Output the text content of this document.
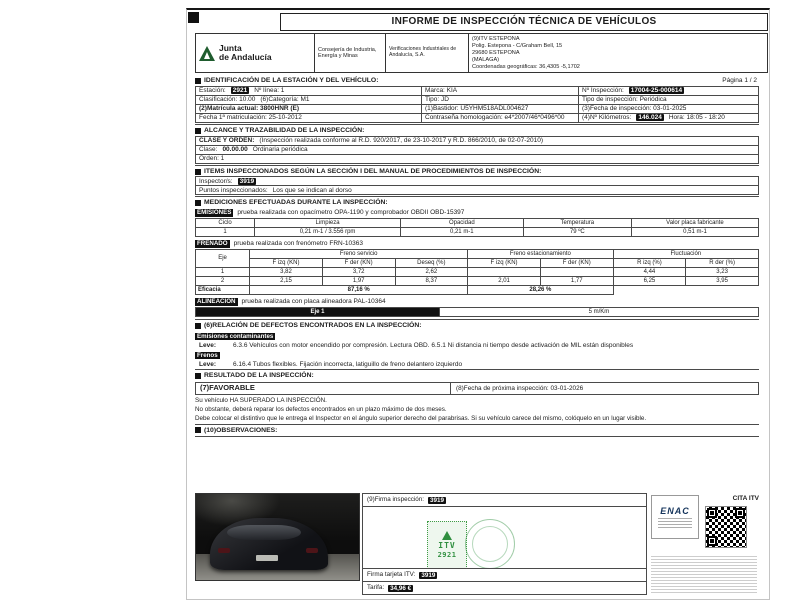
INFORME DE INSPECCIÓN TÉCNICA DE VEHÍCULOS
Junta
de Andalucía
Consejería de Industria, Energía y Minas
Verificaciones Industriales de Andalucía, S.A.
(9)ITV ESTEPONA
Polig. Estepona - C/Graham Bell, 15
29680 ESTEPONA
(MALAGA)
Coordenadas geográficas: 36,4305 -5,1702
IDENTIFICACIÓN DE LA ESTACIÓN Y DEL VEHÍCULO:	Página 1 / 2
Estación:	2921	Nº línea: 1	Marca: KIA	Nº Inspección:	17004-25-000614
Clasificación: 10.00 (6)Categoría: M1	Tipo: JD	Tipo de inspección: Periódica
(2)Matrícula actual: 3800HNR (E)	(1)Bastidor: U5YHM518ADL004627	(3)Fecha de inspección: 03-01-2025
Fecha 1ª matriculación: 25-10-2012	Contraseña homologación: e4*2007/46*0496*00	(4)Nº Kilómetros:	146.024	Hora: 18:05 - 18:20
ALCANCE Y TRAZABILIDAD DE LA INSPECCIÓN:
CLASE Y ORDEN: (Inspección realizada conforme al R.D. 920/2017, de 23-10-2017 y R.D. 866/2010, de 02-07-2010)
Clase: 00.00.00 Ordinaria periódica
Orden: 1
ITEMS INSPECCIONADOS SEGÚN LA SECCIÓN I DEL MANUAL DE PROCEDIMIENTOS DE INSPECCIÓN:
Inspector/s:	3919
Puntos inspeccionados: Los que se indican al dorso
MEDICIONES EFECTUADAS DURANTE LA INSPECCIÓN:
EMISIONES prueba realizada con opacímetro OPA-1190 y comprobador OBDII OBD-15397
Ciclo	Limpieza	Opacidad	Temperatura	Valor placa fabricante
1	0,21 m-1 / 3.556 rpm	0,21 m-1	79 ºC	0,51 m-1
FRENADO prueba realizada con frenómetro FRN-10363
Eje	Freno servicio			Freno estacionamiento		Fluctuación	
	F izq (KN)	F der (KN)	Deseq (%)	F izq (KN)	F der (KN)	R izq (%)	R der (%)
1	3,82	3,72	2,62			4,44	3,23
2	2,15	1,97	8,37	2,01	1,77	6,25	3,95
Eficacia	87,16 %			28,26 %			
ALINEACIÓN prueba realizada con placa alineadora PAL-10364
Eje 1	5 m/Km
(6)RELACIÓN DE DEFECTOS ENCONTRADOS EN LA INSPECCIÓN:
Emisiones contaminantes
Leve:	6.3.6 Vehículos con motor encendido por compresión. Lectura OBD. 6.5.1 Ni distancia ni tiempo desde activación de MIL están disponibles
Frenos
Leve:	6.16.4 Tubos flexibles. Fijación incorrecta, latiguillo de freno delantero izquierdo
RESULTADO DE LA INSPECCIÓN:
(7)FAVORABLE	(8)Fecha de próxima inspección: 03-01-2026
Su vehículo HA SUPERADO LA INSPECCIÓN.
No obstante, deberá reparar los defectos encontrados en un plazo máximo de dos meses.
Debe colocar el distintivo que le entrega el Inspector en el ángulo superior derecho del parabrisas. Si su vehículo carece del mismo, colóquelo en un lugar visible.
(10)OBSERVACIONES:
(9)Firma inspección: 3919
ITV
2921
Firma tarjeta ITV: 3919
Tarifa: 34,96 €
ENAC
CITA ITV
